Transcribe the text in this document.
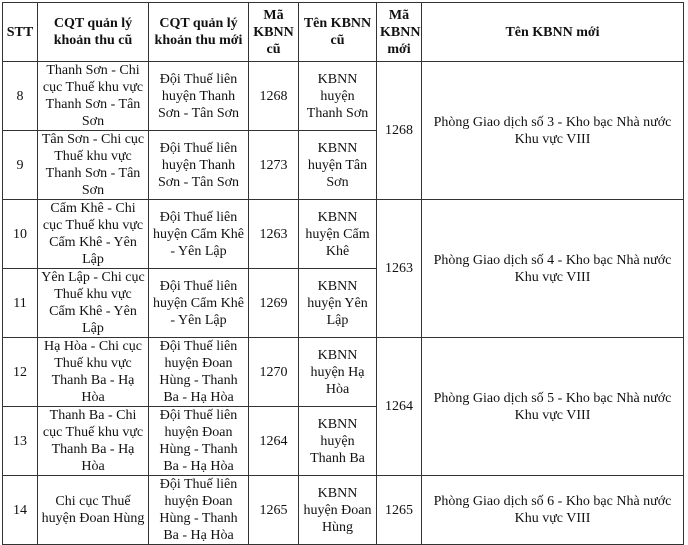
STT	CQT quản lý khoản thu cũ	CQT quản lý khoản thu mới	Mã KBNN cũ	Tên KBNN cũ	Mã KBNN mới	Tên KBNN mới
8	Thanh Sơn - Chi cục Thuế khu vực Thanh Sơn - Tân Sơn	Đội Thuế liên huyện Thanh Sơn - Tân Sơn	1268	KBNN huyện Thanh Sơn	1268	Phòng Giao dịch số 3 - Kho bạc Nhà nước Khu vực VIII
9	Tân Sơn - Chi cục Thuế khu vực Thanh Sơn - Tân Sơn	Đội Thuế liên huyện Thanh Sơn - Tân Sơn	1273	KBNN huyện Tân Sơn		
10	Cẩm Khê - Chi cục Thuế khu vực Cẩm Khê - Yên Lập	Đội Thuế liên huyện Cẩm Khê - Yên Lập	1263	KBNN huyện Cẩm Khê	1263	Phòng Giao dịch số 4 - Kho bạc Nhà nước Khu vực VIII
11	Yên Lập - Chi cục Thuế khu vực Cẩm Khê - Yên Lập	Đội Thuế liên huyện Cẩm Khê - Yên Lập	1269	KBNN huyện Yên Lập		
12	Hạ Hòa - Chi cục Thuế khu vực Thanh Ba - Hạ Hòa	Đội Thuế liên huyện Đoan Hùng - Thanh Ba - Hạ Hòa	1270	KBNN huyện Hạ Hòa	1264	Phòng Giao dịch số 5 - Kho bạc Nhà nước Khu vực VIII
13	Thanh Ba - Chi cục Thuế khu vực Thanh Ba - Hạ Hòa	Đội Thuế liên huyện Đoan Hùng - Thanh Ba - Hạ Hòa	1264	KBNN huyện Thanh Ba		
14	Chi cục Thuế huyện Đoan Hùng	Đội Thuế liên huyện Đoan Hùng - Thanh Ba - Hạ Hòa	1265	KBNN huyện Đoan Hùng	1265	Phòng Giao dịch số 6 - Kho bạc Nhà nước Khu vực VIII
